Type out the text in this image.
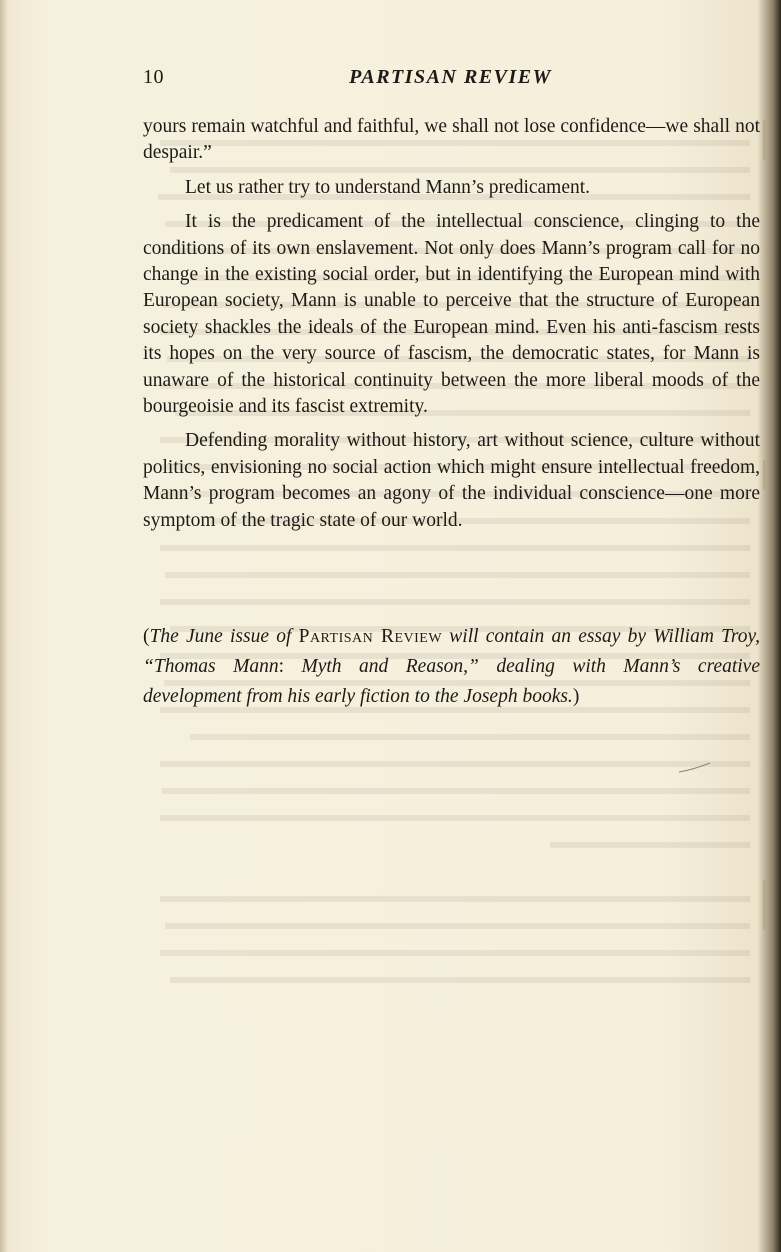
10	PARTISAN REVIEW

yours remain watchful and faithful, we shall not lose confidence—we shall not despair.”

Let us rather try to understand Mann’s predicament.

It is the predicament of the intellectual conscience, clinging to the conditions of its own enslavement. Not only does Mann’s program call for no change in the existing social order, but in identifying the European mind with European society, Mann is unable to perceive that the structure of European society shackles the ideals of the European mind. Even his anti-fascism rests its hopes on the very source of fascism, the democratic states, for Mann is unaware of the historical continuity between the more liberal moods of the bourgeoisie and its fascist extremity.

Defending morality without history, art without science, culture without politics, envisioning no social action which might ensure intellectual freedom, Mann’s program becomes an agony of the individual conscience—one more symptom of the tragic state of our world.

(The June issue of Partisan Review will contain an essay by William Troy, “Thomas Mann: Myth and Reason,” dealing with Mann’s creative development from his early fiction to the Joseph books.)
